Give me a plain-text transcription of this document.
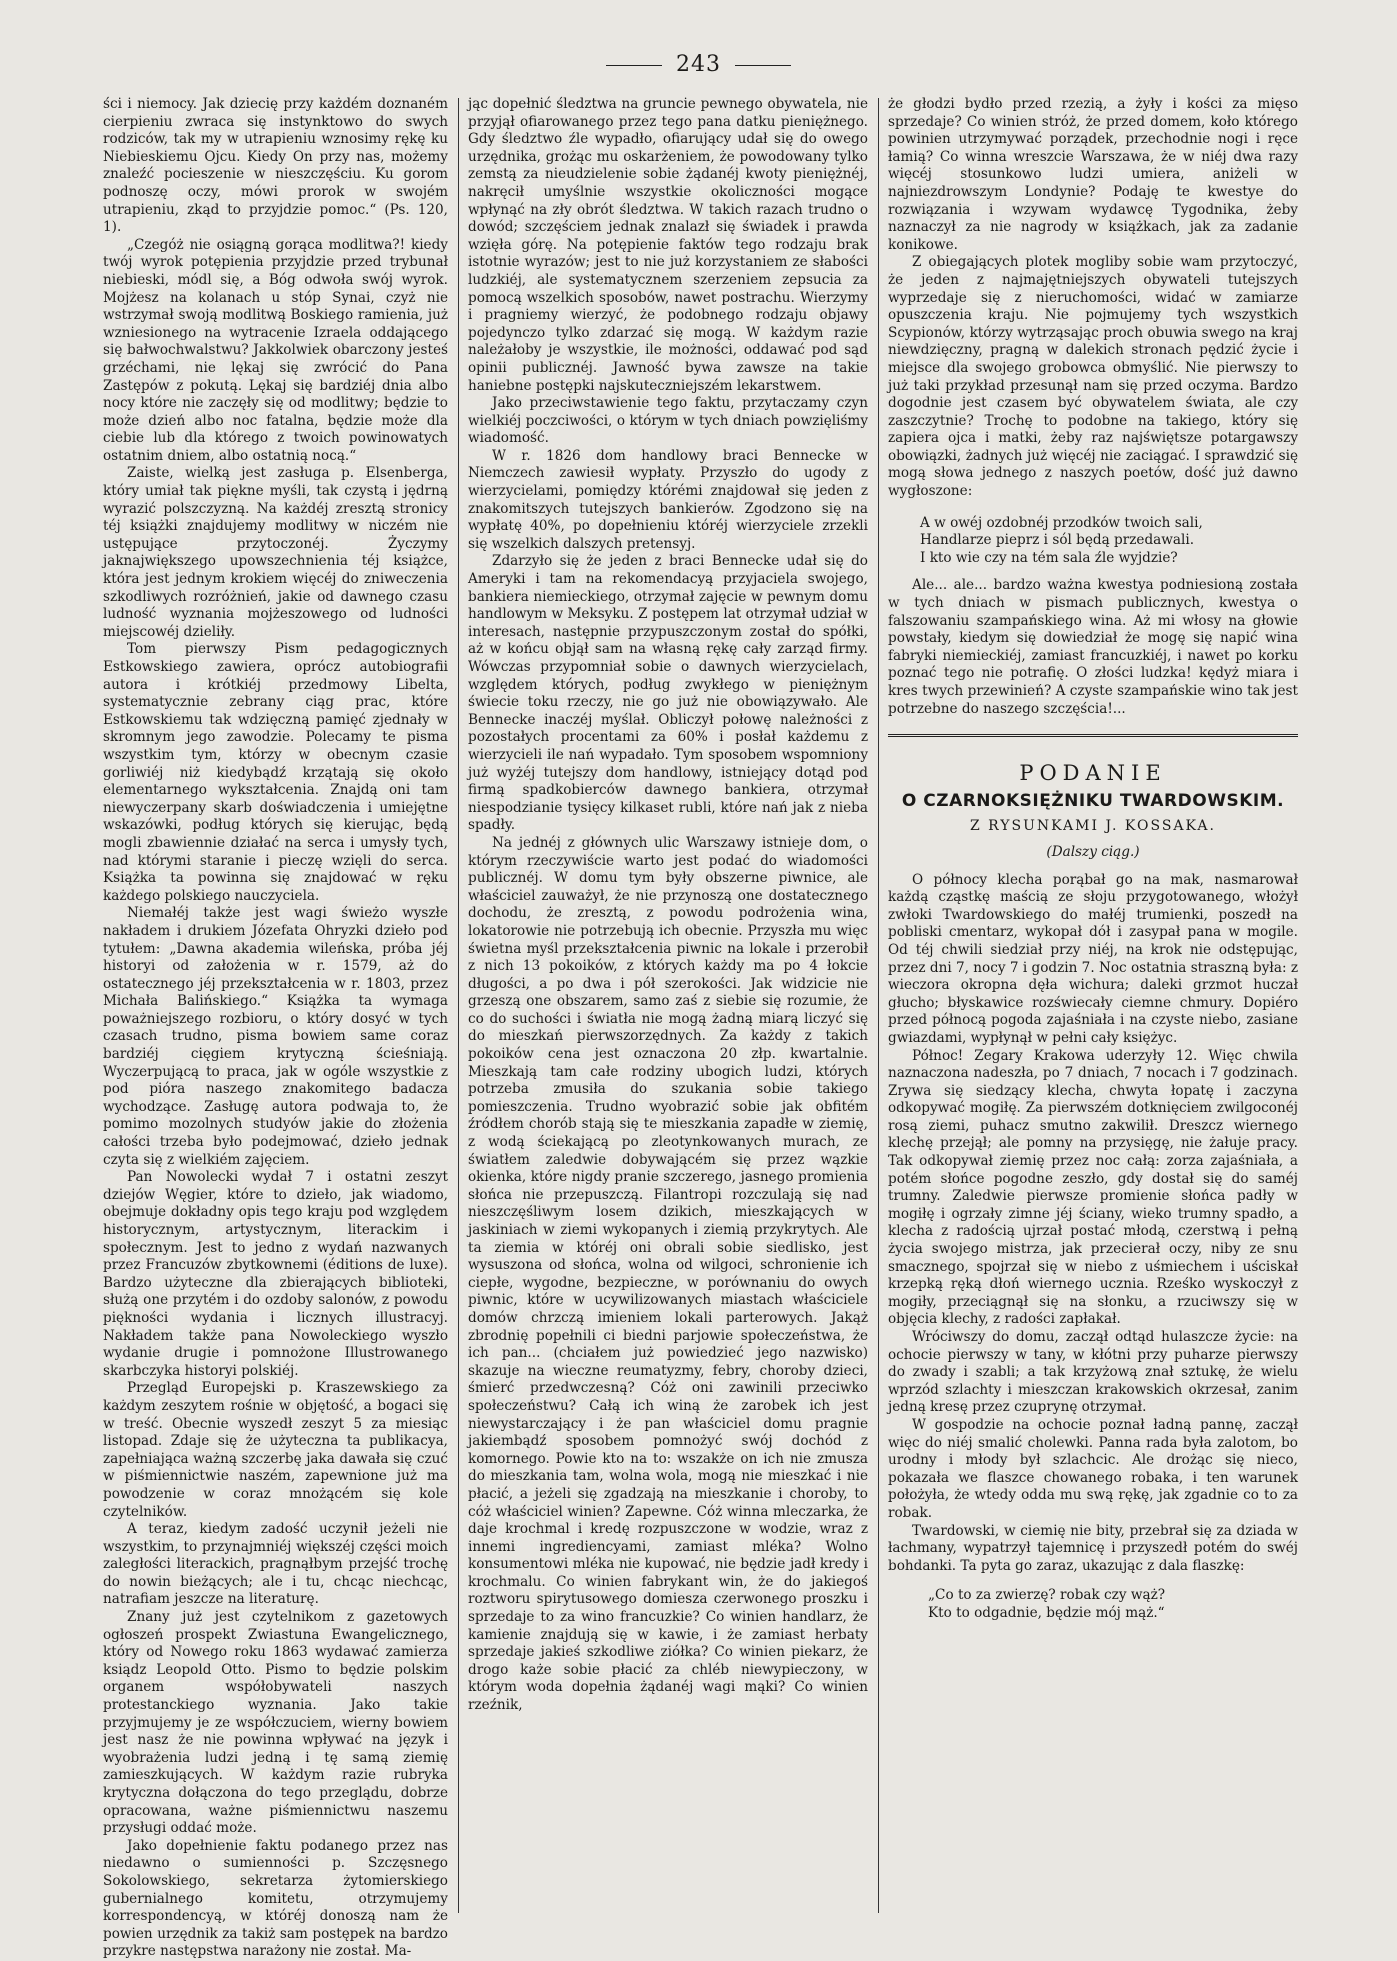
243

ści i niemocy. Jak dziecię przy każdém doznaném cierpieniu zwraca się instynktowo do swych rodziców, tak my w utrapieniu wznosimy rękę ku Niebieskiemu Ojcu. Kiedy On przy nas, możemy znaleźć pocieszenie w nieszczęściu. Ku gorom podnoszę oczy, mówi prorok w swojém utrapieniu, zkąd to przyjdzie pomoc.“ (Ps. 120, 1).

„Czegóż nie osiągną gorąca modlitwa?! kiedy twój wyrok potępienia przyjdzie przed trybunał niebieski, módl się, a Bóg odwoła swój wyrok. Mojżesz na kolanach u stóp Synai, czyż nie wstrzymał swoją modlitwą Boskiego ramienia, już wzniesionego na wytracenie Izraela oddającego się bałwochwalstwu? Jakkolwiek obarczony jesteś grzéchami, nie lękaj się zwrócić do Pana Zastępów z pokutą. Lękaj się bardziéj dnia albo nocy które nie zaczęły się od modlitwy; będzie to może dzień albo noc fatalna, będzie może dla ciebie lub dla którego z twoich powinowatych ostatnim dniem, albo ostatnią nocą.“

Zaiste, wielką jest zasługa p. Elsenberga, który umiał tak piękne myśli, tak czystą i jędrną wyrazić polszczyzną. Na każdéj zresztą stronicy téj książki znajdujemy modlitwy w niczém nie ustępujące przytoczonéj. Życzymy jaknajwiększego upowszechnienia téj książce, która jest jednym krokiem więcéj do zniweczenia szkodliwych rozróżnień, jakie od dawnego czasu ludność wyznania mojżeszowego od ludności miejscowéj dzieliły.

Tom pierwszy Pism pedagogicznych Estkowskiego zawiera, oprócz autobiografii autora i krótkiéj przedmowy Libelta, systematycznie zebrany ciąg prac, które Estkowskiemu tak wdzięczną pamięć zjednały w skromnym jego zawodzie. Polecamy te pisma wszystkim tym, którzy w obecnym czasie gorliwiéj niż kiedybądź krzątają się około elementarnego wykształcenia. Znajdą oni tam niewyczerpany skarb doświadczenia i umiejętne wskazówki, podług których się kierując, będą mogli zbawiennie działać na serca i umysły tych, nad którymi staranie i pieczę wzięli do serca. Książka ta powinna się znajdować w ręku każdego polskiego nauczyciela.

Niemałéj także jest wagi świeżo wyszłe nakładem i drukiem Józefata Ohryzki dzieło pod tytułem: „Dawna akademia wileńska, próba jéj historyi od założenia w r. 1579, aż do ostatecznego jéj przekształcenia w r. 1803, przez Michała Balińskiego.“ Książka ta wymaga poważniejszego rozbioru, o który dosyć w tych czasach trudno, pisma bowiem same coraz bardziéj cięgiem krytyczną ścieśniają. Wyczerpującą to praca, jak w ogóle wszystkie z pod pióra naszego znakomitego badacza wychodzące. Zasługę autora podwaja to, że pomimo mozolnych studyów jakie do złożenia całości trzeba było podejmować, dzieło jednak czyta się z wielkiém zajęciem.

Pan Nowolecki wydał 7 i ostatni zeszyt dziejów Węgier, które to dzieło, jak wiadomo, obejmuje dokładny opis tego kraju pod względem historycznym, artystycznym, literackim i społecznym. Jest to jedno z wydań nazwanych przez Francuzów zbytkownemi (éditions de luxe). Bardzo użyteczne dla zbierających biblioteki, służą one przytém i do ozdoby salonów, z powodu piękności wydania i licznych illustracyj. Nakładem także pana Nowoleckiego wyszło wydanie drugie i pomnożone Illustrowanego skarbczyka historyi polskiéj.

Przegląd Europejski p. Kraszewskiego za każdym zeszytem rośnie w objętość, a bogaci się w treść. Obecnie wyszedł zeszyt 5 za miesiąc listopad. Zdaje się że użyteczna ta publikacya, zapełniająca ważną szczerbę jaka dawała się czuć w piśmiennictwie naszém, zapewnione już ma powodzenie w coraz mnożącém się kole czytelników.

A teraz, kiedym zadość uczynił jeżeli nie wszystkim, to przynajmniéj większéj części moich zaległości literackich, pragnąłbym przejść trochę do nowin bieżących; ale i tu, chcąc niechcąc, natrafiam jeszcze na literaturę.

Znany już jest czytelnikom z gazetowych ogłoszeń prospekt Zwiastuna Ewangelicznego, który od Nowego roku 1863 wydawać zamierza ksiądz Leopold Otto. Pismo to będzie polskim organem współobywateli naszych protestanckiego wyznania. Jako takie przyjmujemy je ze współczuciem, wierny bowiem jest nasz że nie powinna wpływać na język i wyobrażenia ludzi jedną i tę samą ziemię zamieszkujących. W każdym razie rubryka krytyczna dołączona do tego przeglądu, dobrze opracowana, ważne piśmiennictwu naszemu przysługi oddać może.

Jako dopełnienie faktu podanego przez nas niedawno o sumienności p. Szczęsnego Sokolowskiego, sekretarza żytomierskiego gubernialnego komitetu, otrzymujemy korrespondencyą, w któréj donoszą nam że powien urzędnik za takiż sam postępek na bardzo przykre następstwa narażony nie został. Ma-

jąc dopełnić śledztwa na gruncie pewnego obywatela, nie przyjął ofiarowanego przez tego pana datku pieniężnego. Gdy śledztwo źle wypadło, ofiarujący udał się do owego urzędnika, grożąc mu oskarżeniem, że powodowany tylko zemstą za nieudzielenie sobie żądanéj kwoty pieniężnéj, nakręcił umyślnie wszystkie okoliczności mogące wpłynąć na zły obrót śledztwa. W takich razach trudno o dowód; szczęściem jednak znalazł się świadek i prawda wzięła górę. Na potępienie faktów tego rodzaju brak istotnie wyrazów; jest to nie już korzystaniem ze słabości ludzkiéj, ale systematycznem szerzeniem zepsucia za pomocą wszelkich sposobów, nawet postrachu. Wierzymy i pragniemy wierzyć, że podobnego rodzaju objawy pojedynczo tylko zdarzać się mogą. W każdym razie należałoby je wszystkie, ile możności, oddawać pod sąd opinii publicznéj. Jawność bywa zawsze na takie haniebne postępki najskuteczniejszém lekarstwem.

Jako przeciwstawienie tego faktu, przytaczamy czyn wielkiéj poczciwości, o którym w tych dniach powzięliśmy wiadomość.

W r. 1826 dom handlowy braci Bennecke w Niemczech zawiesił wypłaty. Przyszło do ugody z wierzycielami, pomiędzy którémi znajdował się jeden z znakomitszych tutejszych bankierów. Zgodzono się na wypłatę 40%, po dopełnieniu któréj wierzyciele zrzekli się wszelkich dalszych pretensyj.

Zdarzyło się że jeden z braci Bennecke udał się do Ameryki i tam na rekomendacyą przyjaciela swojego, bankiera niemieckiego, otrzymał zajęcie w pewnym domu handlowym w Meksyku. Z postępem lat otrzymał udział w interesach, następnie przypuszczonym został do spółki, aż w końcu objął sam na własną rękę cały zarząd firmy. Wówczas przypomniał sobie o dawnych wierzycielach, względem których, podług zwykłego w pieniężnym świecie toku rzeczy, nie go już nie obowiązywało. Ale Bennecke inaczéj myślał. Obliczył połowę należności z pozostałych procentami za 60% i posłał każdemu z wierzycieli ile nań wypadało. Tym sposobem wspomniony już wyżéj tutejszy dom handlowy, istniejący dotąd pod firmą spadkobierców dawnego bankiera, otrzymał niespodzianie tysięcy kilkaset rubli, które nań jak z nieba spadły.

Na jednéj z głównych ulic Warszawy istnieje dom, o którym rzeczywiście warto jest podać do wiadomości publicznéj. W domu tym były obszerne piwnice, ale właściciel zauważył, że nie przynoszą one dostatecznego dochodu, że zresztą, z powodu podrożenia wina, lokatorowie nie potrzebują ich obecnie. Przyszła mu więc świetna myśl przekształcenia piwnic na lokale i przerobił z nich 13 pokoików, z których każdy ma po 4 łokcie długości, a po dwa i pół szerokości. Jak widzicie nie grzeszą one obszarem, samo zaś z siebie się rozumie, że co do suchości i światła nie mogą żadną miarą liczyć się do mieszkań pierwszorzędnych. Za każdy z takich pokoików cena jest oznaczona 20 złp. kwartalnie. Mieszkają tam całe rodziny ubogich ludzi, których potrzeba zmusiła do szukania sobie takiego pomieszczenia. Trudno wyobrazić sobie jak obfitém źródłem chorób stają się te mieszkania zapadłe w ziemię, z wodą ściekającą po zleotynkowanych murach, ze światłem zaledwie dobywającém się przez wązkie okienka, które nigdy pranie szczerego, jasnego promienia słońca nie przepuszczą. Filantropi rozczulają się nad nieszczęśliwym losem dzikich, mieszkających w jaskiniach w ziemi wykopanych i ziemią przykrytych. Ale ta ziemia w któréj oni obrali sobie siedlisko, jest wysuszona od słońca, wolna od wilgoci, schronienie ich ciepłe, wygodne, bezpieczne, w porównaniu do owych piwnic, które w ucywilizowanych miastach właściciele domów chrzczą imieniem lokali parterowych. Jakąż zbrodnię popełnili ci biedni parjowie społeczeństwa, że ich pan... (chciałem już powiedzieć jego nazwisko) skazuje na wieczne reumatyzmy, febry, choroby dzieci, śmierć przedwczesną? Cóż oni zawinili przeciwko społeczeństwu? Całą ich winą że zarobek ich jest niewystarczający i że pan właściciel domu pragnie jakiembądź sposobem pomnożyć swój dochód z komornego. Powie kto na to: wszakże on ich nie zmusza do mieszkania tam, wolna wola, mogą nie mieszkać i nie płacić, a jeżeli się zgadzają na mieszkanie i choroby, to cóż właściciel winien? Zapewne. Cóż winna mleczarka, że daje krochmal i kredę rozpuszczone w wodzie, wraz z innemi ingrediencyami, zamiast mléka? Wolno konsumentowi mléka nie kupować, nie będzie jadł kredy i krochmalu. Co winien fabrykant win, że do jakiegoś roztworu spirytusowego domiesza czerwonego proszku i sprzedaje to za wino francuzkie? Co winien handlarz, że kamienie znajdują się w kawie, i że zamiast herbaty sprzedaje jakieś szkodliwe ziółka? Co winien piekarz, że drogo każe sobie płacić za chléb niewypieczony, w którym woda dopełnia żądanéj wagi mąki? Co winien rzeźnik,

że głodzi bydło przed rzezią, a żyły i kości za mięso sprzedaje? Co winien stróż, że przed domem, koło którego powinien utrzymywać porządek, przechodnie nogi i ręce łamią? Co winna wreszcie Warszawa, że w niéj dwa razy więcéj stosunkowo ludzi umiera, aniżeli w najniezdrowszym Londynie? Podaję te kwestye do rozwiązania i wzywam wydawcę Tygodnika, żeby naznaczył za nie nagrody w książkach, jak za zadanie konikowe.

Z obiegających plotek mogliby sobie wam przytoczyć, że jeden z najmajętniejszych obywateli tutejszych wyprzedaje się z nieruchomości, widać w zamiarze opuszczenia kraju. Nie pojmujemy tych wszystkich Scypionów, którzy wytrząsając proch obuwia swego na kraj niewdzięczny, pragną w dalekich stronach pędzić życie i miejsce dla swojego grobowca obmyślić. Nie pierwszy to już taki przykład przesunął nam się przed oczyma. Bardzo dogodnie jest czasem być obywatelem świata, ale czy zaszczytnie? Trochę to podobne na takiego, który się zapiera ojca i matki, żeby raz najświętsze potargawszy obowiązki, żadnych już więcéj nie zaciągać. I sprawdzić się mogą słowa jednego z naszych poetów, dość już dawno wygłoszone:

A w owéj ozdobnéj przodków twoich sali,
Handlarze pieprz i sól będą przedawali.
I kto wie czy na tém sala źle wyjdzie?

Ale... ale... bardzo ważna kwestya podniesioną została w tych dniach w pismach publicznych, kwestya o falszowaniu szampańskiego wina. Aż mi włosy na głowie powstały, kiedym się dowiedział że mogę się napić wina fabryki niemieckiéj, zamiast francuzkiéj, i nawet po korku poznać tego nie potrafię. O złości ludzka! kędyż miara i kres twych przewinień? A czyste szampańskie wino tak jest potrzebne do naszego szczęścia!...

PODANIE
O CZARNOKSIĘŻNIKU TWARDOWSKIM.
Z RYSUNKAMI J. KOSSAKA.
(Dalszy ciąg.)

O północy klecha porąbał go na mak, nasmarował każdą cząstkę maścią ze słoju przygotowanego, włożył zwłoki Twardowskiego do małéj trumienki, poszedł na pobliski cmentarz, wykopał dół i zasypał pana w mogile. Od téj chwili siedział przy niéj, na krok nie odstępując, przez dni 7, nocy 7 i godzin 7. Noc ostatnia straszną była: z wieczora okropna dęła wichura; daleki grzmot huczał głucho; błyskawice rozświecały ciemne chmury. Dopiéro przed północą pogoda zajaśniała i na czyste niebo, zasiane gwiazdami, wypłynął w pełni cały księżyc.

Północ! Zegary Krakowa uderzyły 12. Więc chwila naznaczona nadeszła, po 7 dniach, 7 nocach i 7 godzinach. Zrywa się siedzący klecha, chwyta łopatę i zaczyna odkopywać mogiłę. Za pierwszém dotknięciem zwilgoconéj rosą ziemi, puhacz smutno zakwilił. Dreszcz wiernego klechę przejął; ale pomny na przysięgę, nie żałuje pracy. Tak odkopywał ziemię przez noc całą: zorza zajaśniała, a potém słońce pogodne zeszło, gdy dostał się do saméj trumny. Zaledwie pierwsze promienie słońca padły w mogiłę i ogrzały zimne jéj ściany, wieko trumny spadło, a klecha z radością ujrzał postać młodą, czerstwą i pełną życia swojego mistrza, jak przecierał oczy, niby ze snu smacznego, spojrzał się w niebo z uśmiechem i uściskał krzepką ręką dłoń wiernego ucznia. Rześko wyskoczył z mogiły, przeciągnął się na słonku, a rzuciwszy się w objęcia klechy, z radości zapłakał.

Wróciwszy do domu, zaczął odtąd hulaszcze życie: na ochocie pierwszy w tany, w kłótni przy puharze pierwszy do zwady i szabli; a tak krzyżową znał sztukę, że wielu wprzód szlachty i mieszczan krakowskich okrzesał, zanim jedną kresę przez czuprynę otrzymał.

W gospodzie na ochocie poznał ładną pannę, zaczął więc do niéj smalić cholewki. Panna rada była zalotom, bo urodny i młody był szlachcic. Ale drożąc się nieco, pokazała we flaszce chowanego robaka, i ten warunek położyła, że wtedy odda mu swą rękę, jak zgadnie co to za robak.

Twardowski, w ciemię nie bity, przebrał się za dziada w łachmany, wypatrzył tajemnicę i przyszedł potém do swéj bohdanki. Ta pyta go zaraz, ukazując z dala flaszkę:

„Co to za zwierzę? robak czy wąż?
Kto to odgadnie, będzie mój mąż.“
